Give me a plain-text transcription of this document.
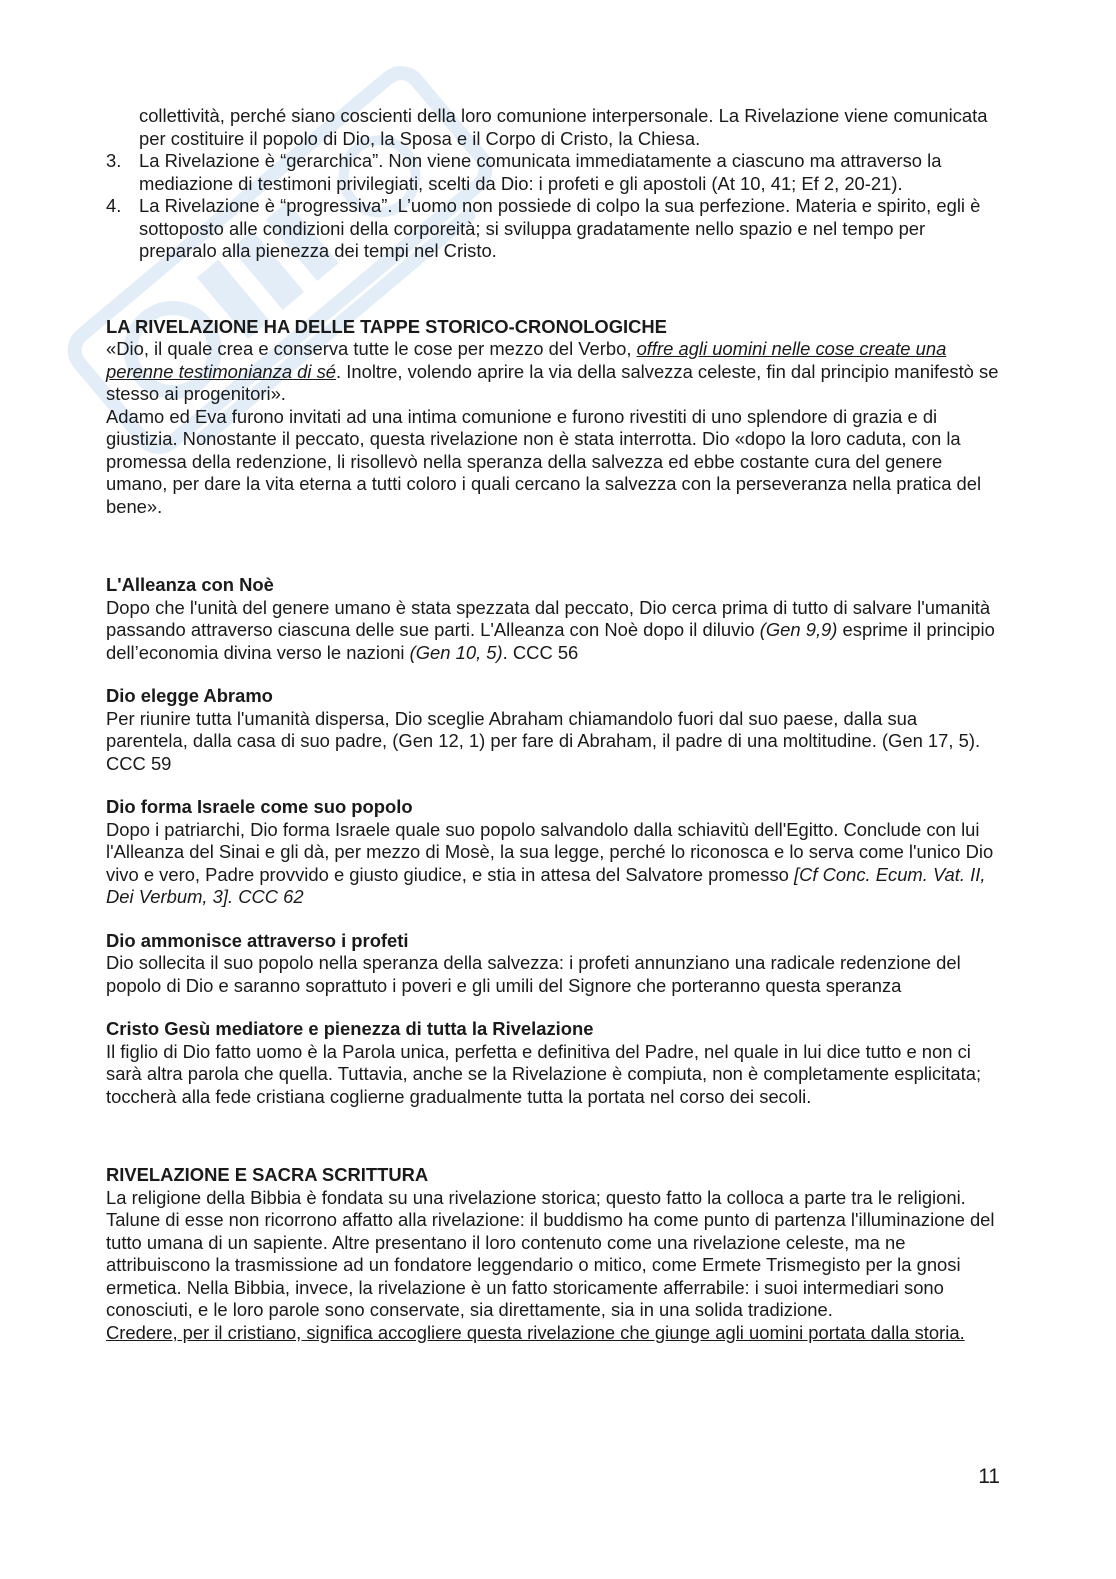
collettività, perché siano coscienti della loro comunione interpersonale. La Rivelazione viene comunicata per costituire il popolo di Dio, la Sposa e il Corpo di Cristo, la Chiesa.

3. La Rivelazione è “gerarchica”. Non viene comunicata immediatamente a ciascuno ma attraverso la mediazione di testimoni privilegiati, scelti da Dio: i profeti e gli apostoli (At 10, 41; Ef 2, 20-21).
4. La Rivelazione è “progressiva”. L’uomo non possiede di colpo la sua perfezione. Materia e spirito, egli è sottoposto alle condizioni della corporeità; si sviluppa gradatamente nello spazio e nel tempo per preparalo alla pienezza dei tempi nel Cristo.
LA RIVELAZIONE HA DELLE TAPPE STORICO-CRONOLOGICHE

«Dio, il quale crea e conserva tutte le cose per mezzo del Verbo, offre agli uomini nelle cose create una perenne testimonianza di sé. Inoltre, volendo aprire la via della salvezza celeste, fin dal principio manifestò se stesso ai progenitori».

Adamo ed Eva furono invitati ad una intima comunione e furono rivestiti di uno splendore di grazia e di giustizia. Nonostante il peccato, questa rivelazione non è stata interrotta. Dio «dopo la loro caduta, con la promessa della redenzione, li risollevò nella speranza della salvezza ed ebbe costante cura del genere umano, per dare la vita eterna a tutti coloro i quali cercano la salvezza con la perseveranza nella pratica del bene».

L'Alleanza con Noè

Dopo che l'unità del genere umano è stata spezzata dal peccato, Dio cerca prima di tutto di salvare l'umanità passando attraverso ciascuna delle sue parti. L'Alleanza con Noè dopo il diluvio (Gen 9,9) esprime il principio dell’economia divina verso le nazioni (Gen 10, 5). CCC 56

Dio elegge Abramo

Per riunire tutta l'umanità dispersa, Dio sceglie Abraham chiamandolo fuori dal suo paese, dalla sua parentela, dalla casa di suo padre, (Gen 12, 1) per fare di Abraham, il padre di una moltitudine. (Gen 17, 5). CCC 59

Dio forma Israele come suo popolo

Dopo i patriarchi, Dio forma Israele quale suo popolo salvandolo dalla schiavitù dell'Egitto. Conclude con lui l'Alleanza del Sinai e gli dà, per mezzo di Mosè, la sua legge, perché lo riconosca e lo serva come l'unico Dio vivo e vero, Padre provvido e giusto giudice, e stia in attesa del Salvatore promesso [Cf Conc. Ecum. Vat. II, Dei Verbum, 3]. CCC 62

Dio ammonisce attraverso i profeti

Dio sollecita il suo popolo nella speranza della salvezza: i profeti annunziano una radicale redenzione del popolo di Dio e saranno soprattuto i poveri e gli umili del Signore che porteranno questa speranza

Cristo Gesù mediatore e pienezza di tutta la Rivelazione

Il figlio di Dio fatto uomo è la Parola unica, perfetta e definitiva del Padre, nel quale in lui dice tutto e non ci sarà altra parola che quella. Tuttavia, anche se la Rivelazione è compiuta, non è completamente esplicitata; toccherà alla fede cristiana coglierne gradualmente tutta la portata nel corso dei secoli.

RIVELAZIONE E SACRA SCRITTURA

La religione della Bibbia è fondata su una rivelazione storica; questo fatto la colloca a parte tra le religioni. Talune di esse non ricorrono affatto alla rivelazione: il buddismo ha come punto di partenza l'illuminazione del tutto umana di un sapiente. Altre presentano il loro contenuto come una rivelazione celeste, ma ne attribuiscono la trasmissione ad un fondatore leggendario o mitico, come Ermete Trismegisto per la gnosi ermetica. Nella Bibbia, invece, la rivelazione è un fatto storicamente afferrabile: i suoi intermediari sono conosciuti, e le loro parole sono conservate, sia direttamente, sia in una solida tradizione.

Credere, per il cristiano, significa accogliere questa rivelazione che giunge agli uomini portata dalla storia.

11
